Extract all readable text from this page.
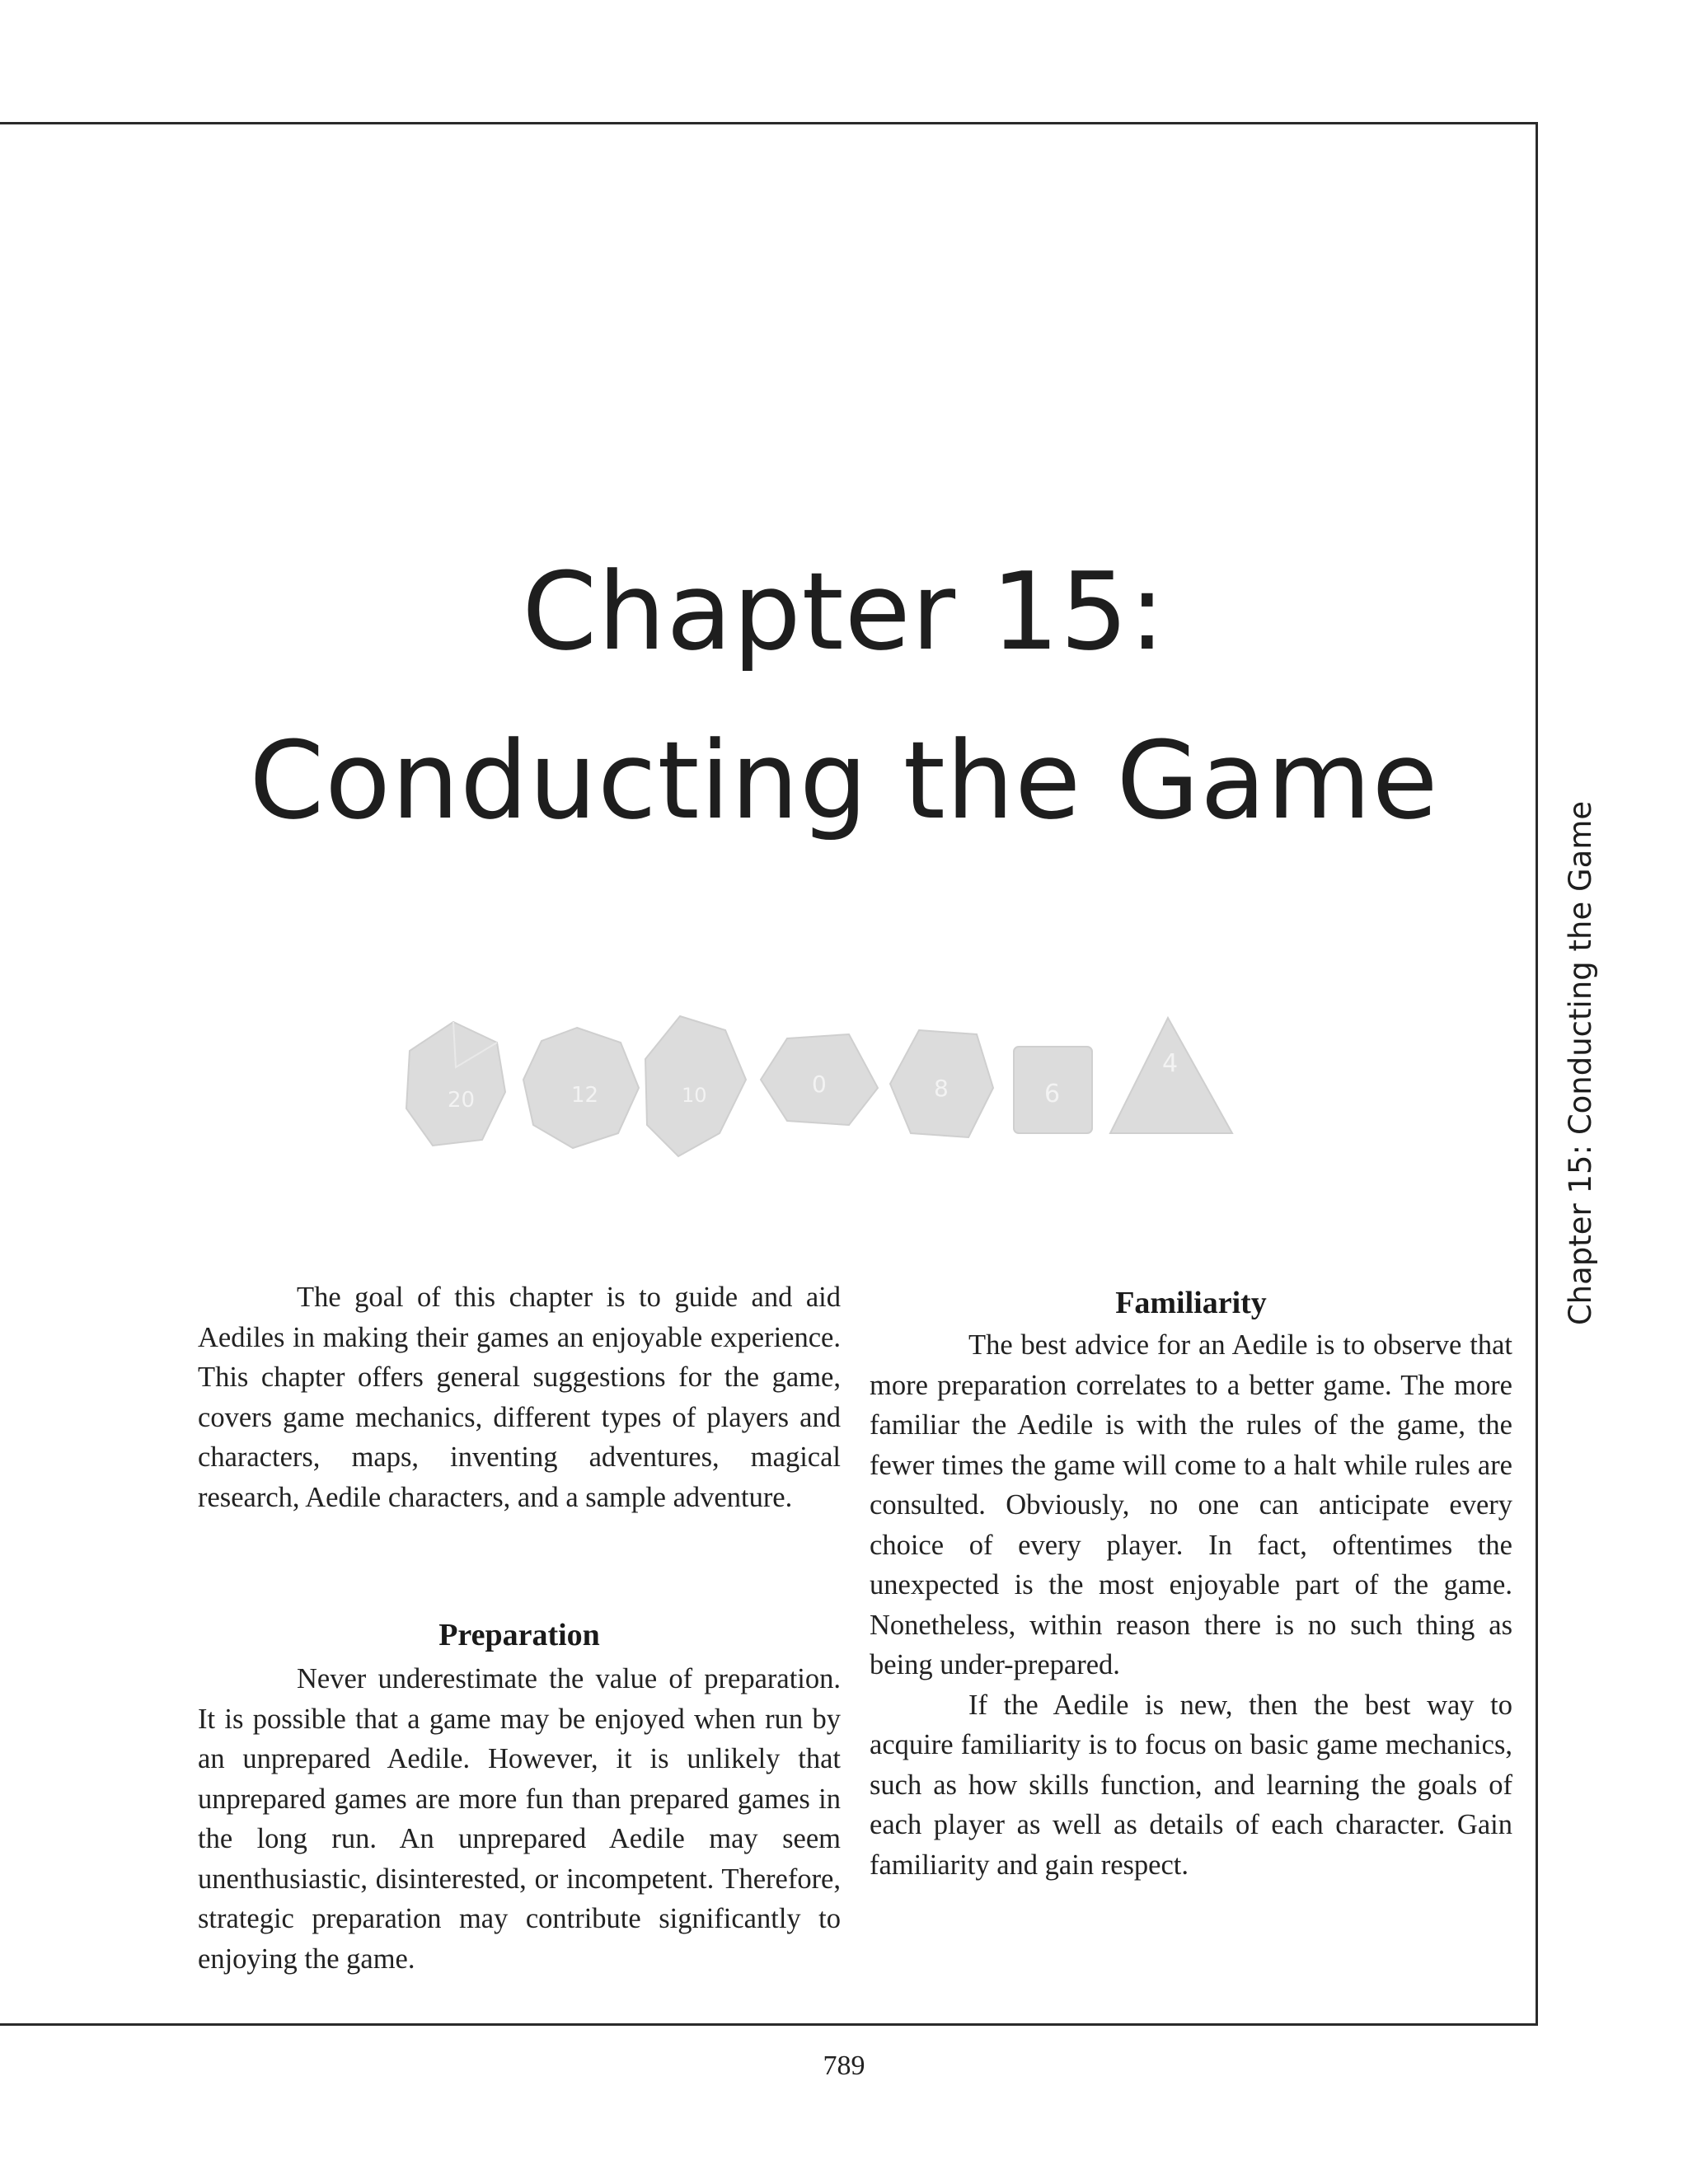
Chapter 15:
Conducting the Game
20	12	10	0	8	6
4	Chapter 15: Conducting the Game

The goal of this chapter is to guide and aid Aediles in making their games an enjoyable experience. This chapter offers general suggestions for the game, covers game mechanics, different types of players and characters, maps, inventing adventures, magical research, Aedile characters, and a sample adventure.

Preparation

Never underestimate the value of preparation. It is possible that a game may be enjoyed when run by an unprepared Aedile. However, it is unlikely that unprepared games are more fun than prepared games in the long run. An unprepared Aedile may seem unenthusiastic, disinterested, or incompetent. Therefore, strategic preparation may contribute significantly to enjoying the game.

Familiarity

The best advice for an Aedile is to observe that more preparation correlates to a better game. The more familiar the Aedile is with the rules of the game, the fewer times the game will come to a halt while rules are consulted. Obviously, no one can anticipate every choice of every player. In fact, oftentimes the unexpected is the most enjoyable part of the game. Nonetheless, within reason there is no such thing as being under-prepared.

If the Aedile is new, then the best way to acquire familiarity is to focus on basic game mechanics, such as how skills function, and learning the goals of each player as well as details of each character. Gain familiarity and gain respect.

789
